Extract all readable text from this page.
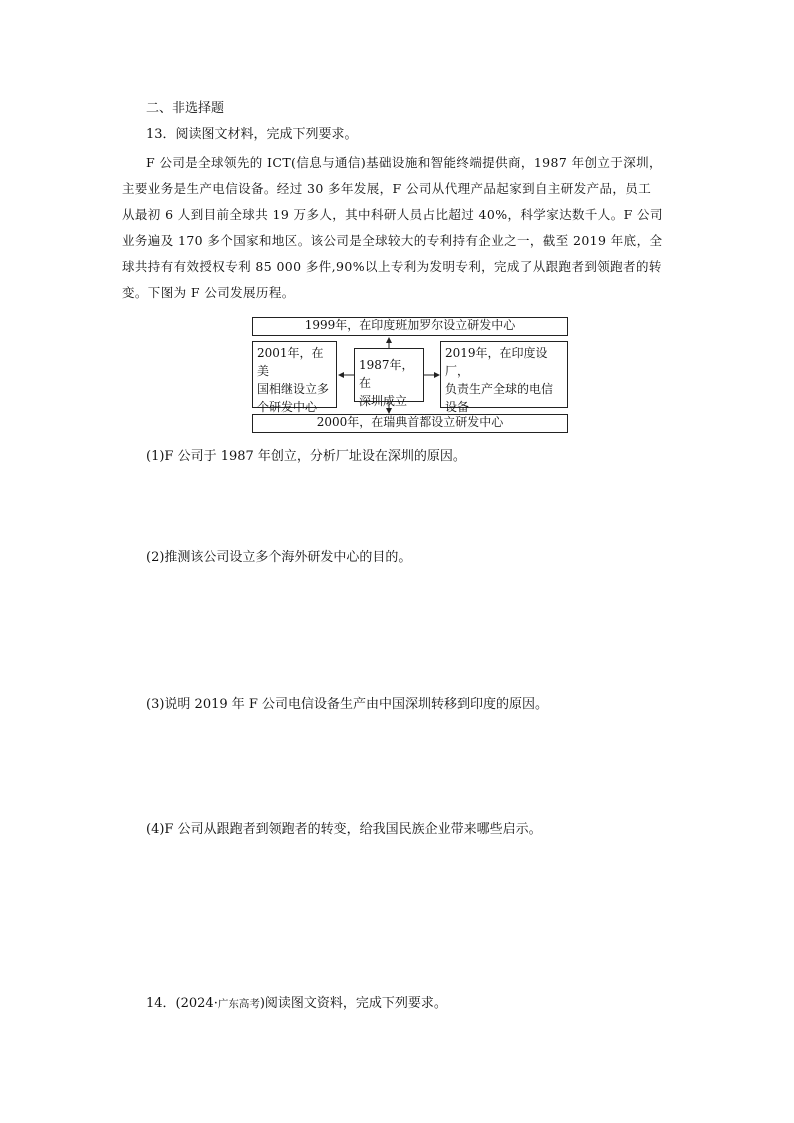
二、非选择题
13．阅读图文材料，完成下列要求。
F 公司是全球领先的 ICT(信息与通信)基础设施和智能终端提供商，1987 年创立于深圳，
主要业务是生产电信设备。经过 30 多年发展，F 公司从代理产品起家到自主研发产品，员工
从最初 6 人到目前全球共 19 万多人，其中科研人员占比超过 40%，科学家达数千人。F 公司
业务遍及 170 多个国家和地区。该公司是全球较大的专利持有企业之一，截至 2019 年底，全
球共持有有效授权专利 85 000 多件,90%以上专利为发明专利，完成了从跟跑者到领跑者的转
变。下图为 F 公司发展历程。
1999年，在印度班加罗尔设立研发中心
2001年，在美
国相继设立多
个研发中心
1987年，在
深圳成立
2019年，在印度设厂，
负责生产全球的电信
设备
2000年，在瑞典首都设立研发中心
(1)F 公司于 1987 年创立，分析厂址设在深圳的原因。
(2)推测该公司设立多个海外研发中心的目的。
(3)说明 2019 年 F 公司电信设备生产由中国深圳转移到印度的原因。
(4)F 公司从跟跑者到领跑者的转变，给我国民族企业带来哪些启示。
14．(2024·广东高考)阅读图文资料，完成下列要求。
